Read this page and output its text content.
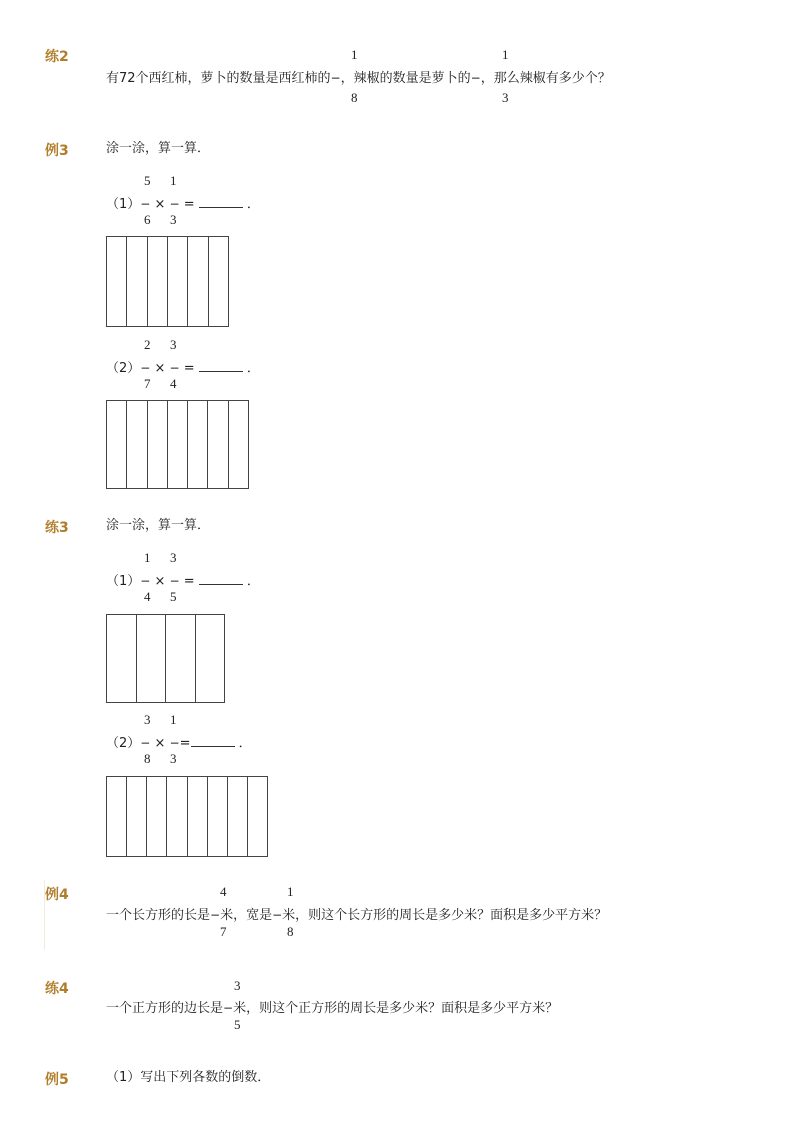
练2	1
8
1
3
有72个西红柿，萝卜的数量是西红柿的−，辣椒的数量是萝卜的−，那么辣椒有多少个？
例3	涂一涂，算一算．
5 1
（1）− × − =	．
6 3
2 3
（2）− × − =	．
7 4
练3	涂一涂，算一算．
1 3
（1）− × − =	．
4 5
3 1
（2）− × −=	．
8 3
例4	4	1
一个长方形的长是−米，宽是−米，则这个长方形的周长是多少米？面积是多少平方米？
7	8
练4	3
一个正方形的边长是−米，则这个正方形的周长是多少米？面积是多少平方米？
5
例5	（1）写出下列各数的倒数．
